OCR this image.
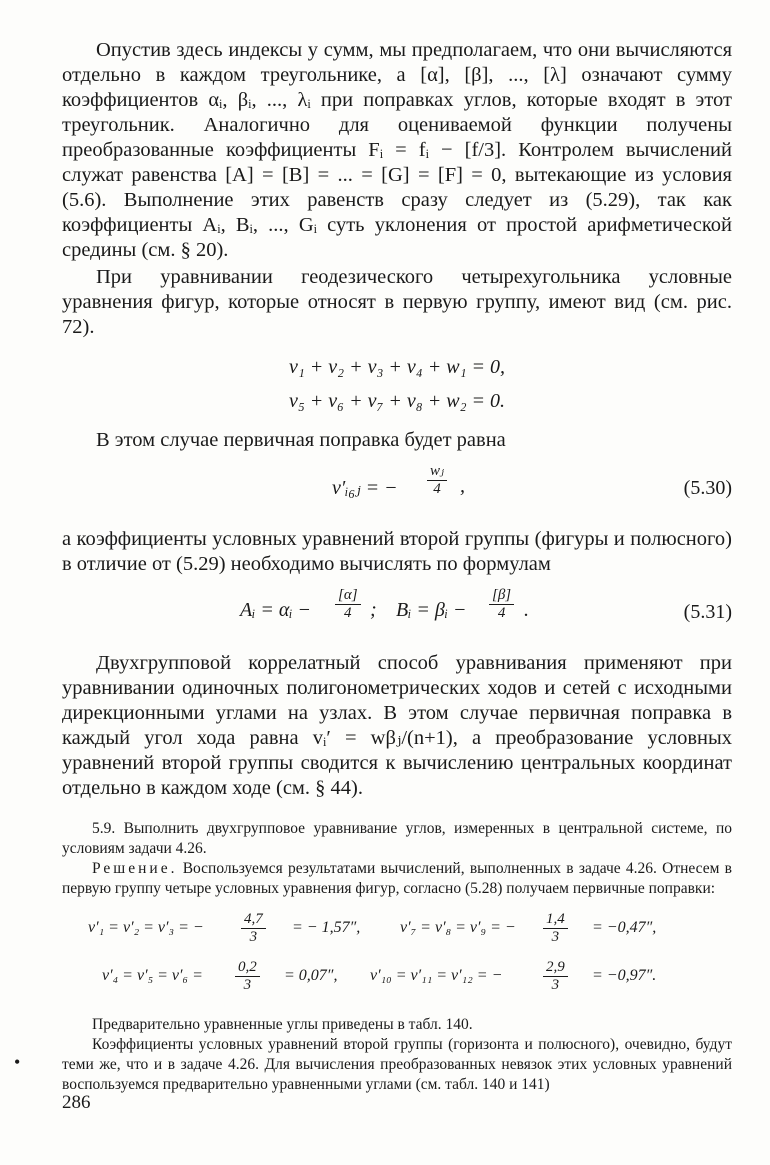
Опустив здесь индексы у сумм, мы предполагаем, что они вычисляются отдельно в каждом треугольнике, а [α], [β], ..., [λ] означают сумму коэффициентов αᵢ, βᵢ, ..., λᵢ при поправках углов, которые входят в этот треугольник. Аналогично для оцениваемой функции получены преобразованные коэффициенты Fᵢ = fᵢ − [f/3]. Контролем вычислений служат равенства [A] = [B] = ... = [G] = [F] = 0, вытекающие из условия (5.6). Выполнение этих равенств сразу следует из (5.29), так как коэффициенты Aᵢ, Bᵢ, ..., Gᵢ суть уклонения от простой арифметической средины (см. § 20).

При уравнивании геодезического четырехугольника условные уравнения фигур, которые относят в первую группу, имеют вид (см. рис. 72).

v₁ + v₂ + v₃ + v₄ + w₁ = 0,
v₅ + v₆ + v₇ + v₈ + w₂ = 0.

В этом случае первичная поправка будет равна

v′ᵢ₆ⱼ = − $\frac{\text{wⱼ}}{4}$ ,	(5.30)

а коэффициенты условных уравнений второй группы (фигуры и полюсного) в отличие от (5.29) необходимо вычислять по формулам

Aᵢ = αᵢ − $\frac{[\alpha]}{4}$ ; Bᵢ = βᵢ − $\frac{[\beta]}{4}$ .	(5.31)

Двухгрупповой коррелатный способ уравнивания применяют при уравнивании одиночных полигонометрических ходов и сетей с исходными дирекционными углами на узлах. В этом случае первичная поправка в каждый угол хода равна vᵢ′ = wβⱼ/(n+1), а преобразование условных уравнений второй группы сводится к вычислению центральных координат отдельно в каждом ходе (см. § 44).

5.9. Выполнить двухгрупповое уравнивание углов, измеренных в центральной системе, по условиям задачи 4.26.

Решение. Воспользуемся результатами вычислений, выполненных в задаче 4.26. Отнесем в первую группу четыре условных уравнения фигур, согласно (5.28) получаем первичные поправки:

v′₁ = v′₂ = v′₃ = − $\frac{4,7}{3}$ = − 1,57″, v′₇ = v′₈ = v′₉ = − $\frac{1,4}{3} = -0,47''$,
$v'_4 = v'_5 = v'_6 = \frac{0,2}{3} = 0,07''$, v′₁₀ = v′₁₁ = v′₁₂ = −	$\frac{2,9}{3} = -0,97''$.

Предварительно уравненные углы приведены в табл. 140.

Коэффициенты условных уравнений второй группы (горизонта и полюсного), очевидно, будут теми же, что и в задаче 4.26. Для вычисления преобразованных невязок этих условных уравнений воспользуемся предварительно уравненными углами (см. табл. 140 и 141)

•
286
